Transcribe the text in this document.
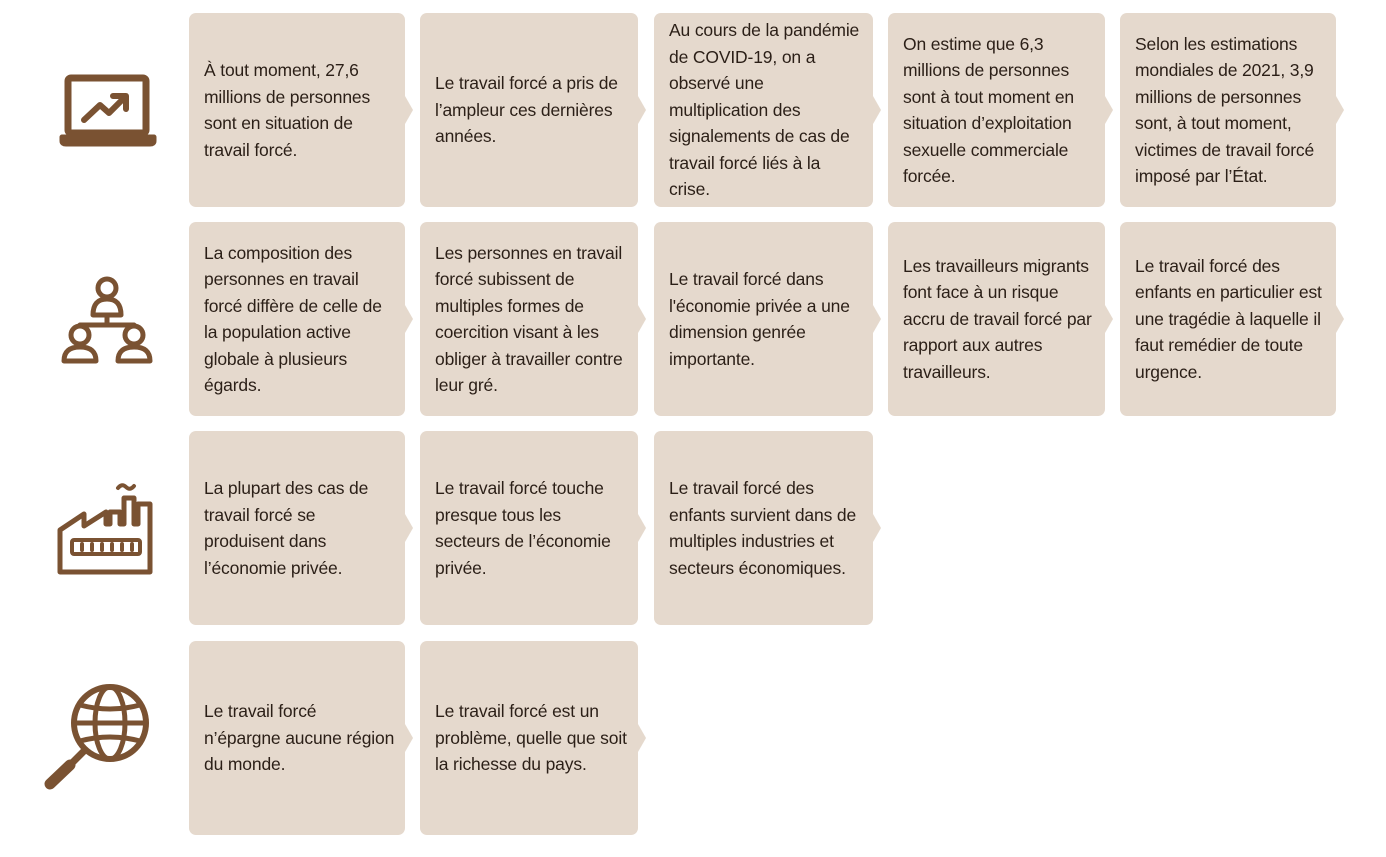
À tout moment, 27,6 millions de personnes sont en situation de travail forcé.
Le travail forcé a pris de l’ampleur ces dernières années.
Au cours de la pandémie de COVID-19, on a observé une multiplication des signalements de cas de travail forcé liés à la crise.
On estime que 6,3 millions de personnes sont à tout moment en situation d’exploitation sexuelle commerciale forcée.
Selon les estimations mondiales de 2021, 3,9 millions de personnes sont, à tout moment, victimes de travail forcé imposé par l’État.
La composition des personnes en travail forcé diffère de celle de la population active globale à plusieurs égards.
Les personnes en travail forcé subissent de multiples formes de coercition visant à les obliger à travailler contre leur gré.
Le travail forcé dans l'économie privée a une dimension genrée importante.
Les travailleurs migrants font face à un risque accru de travail forcé par rapport aux autres travailleurs.
Le travail forcé des enfants en particulier est une tragédie à laquelle il faut remédier de toute urgence.
La plupart des cas de travail forcé se produisent dans l’économie privée.
Le travail forcé touche presque tous les secteurs de l’économie privée.
Le travail forcé des enfants survient dans de multiples industries et secteurs économiques.
Le travail forcé n’épargne aucune région du monde.
Le travail forcé est un problème, quelle que soit la richesse du pays.
